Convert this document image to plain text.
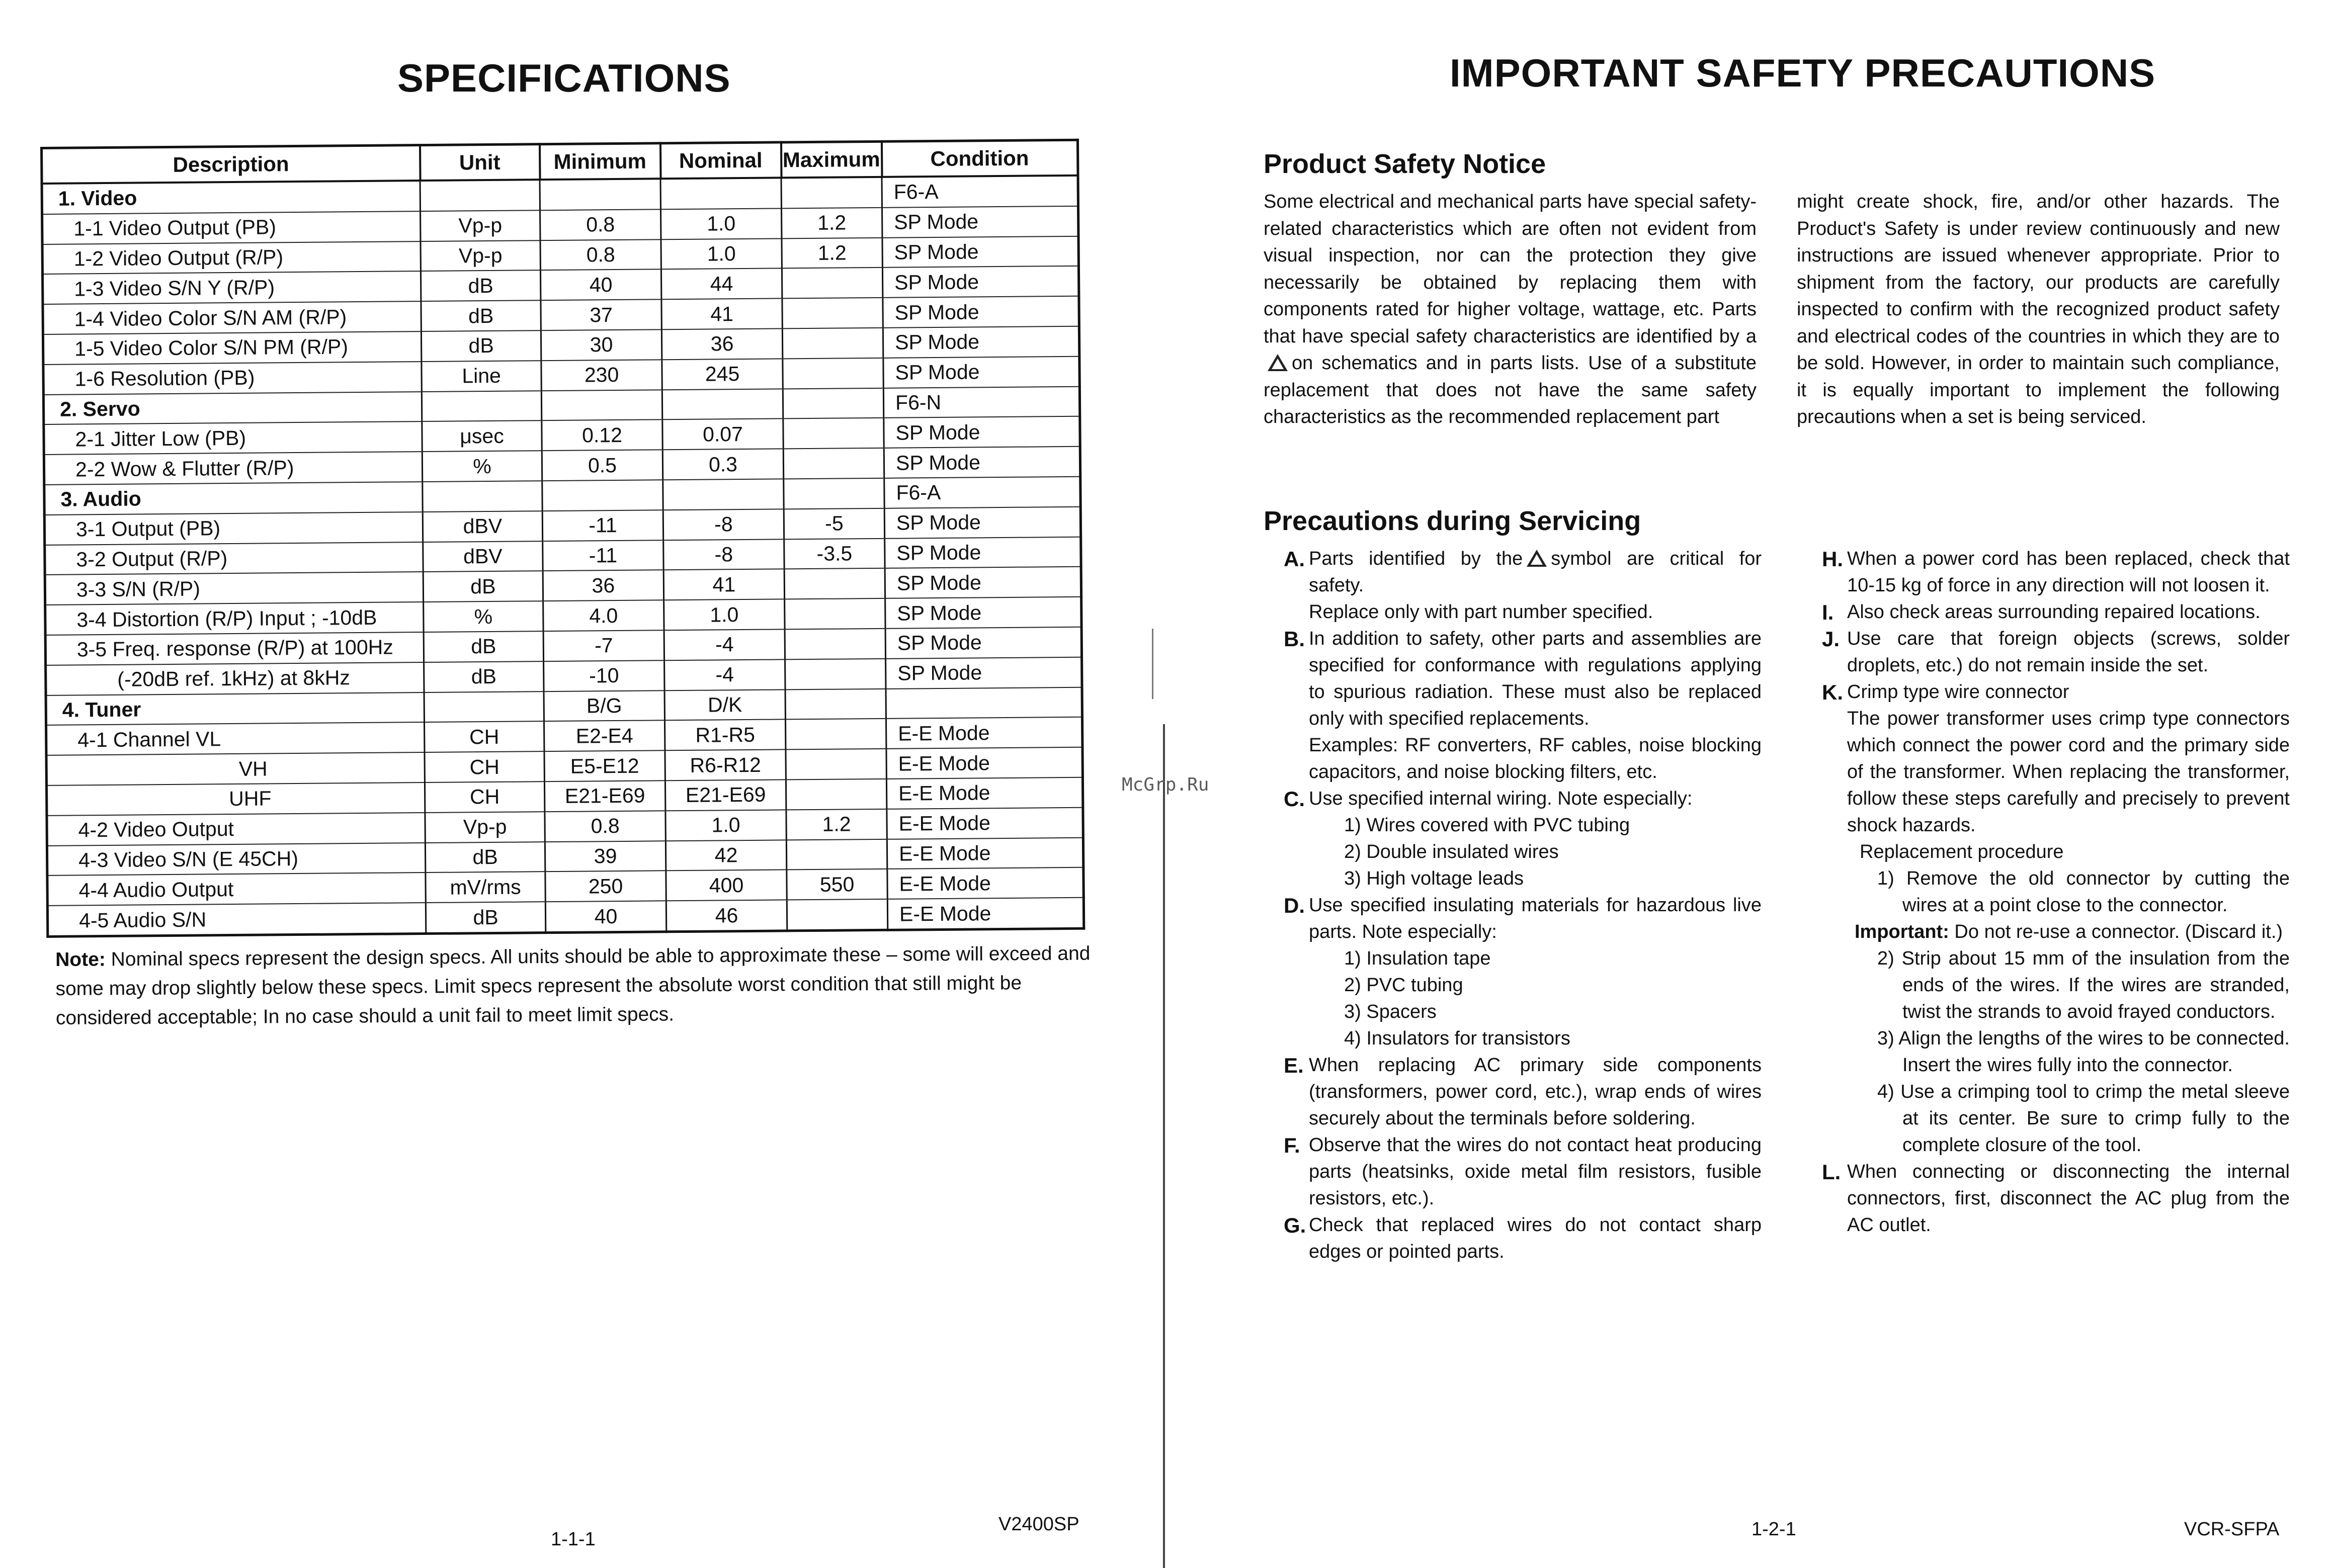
SPECIFICATIONS
Description	Unit	Minimum	Nominal	Maximum	Condition
1. Video					F6-A
1-1 Video Output (PB)	Vp-p	0.8	1.0	1.2	SP Mode
1-2 Video Output (R/P)	Vp-p	0.8	1.0	1.2	SP Mode
1-3 Video S/N Y (R/P)	dB	40	44		SP Mode
1-4 Video Color S/N AM (R/P)	dB	37	41		SP Mode
1-5 Video Color S/N PM (R/P)	dB	30	36		SP Mode
1-6 Resolution (PB)	Line	230	245		SP Mode
2. Servo					F6-N
2-1 Jitter Low (PB)	μsec	0.12	0.07		SP Mode
2-2 Wow & Flutter (R/P)	%	0.5	0.3		SP Mode
3. Audio					F6-A
3-1 Output (PB)	dBV	-11	-8	-5	SP Mode
3-2 Output (R/P)	dBV	-11	-8	-3.5	SP Mode
3-3 S/N (R/P)	dB	36	41		SP Mode
3-4 Distortion (R/P) Input ; -10dB	%	4.0	1.0		SP Mode
3-5 Freq. response (R/P) at 100Hz	dB	-7	-4		SP Mode
(-20dB ref. 1kHz) at 8kHz	dB	-10	-4		SP Mode
4. Tuner		B/G	D/K		
4-1 Channel VL	CH	E2-E4	R1-R5		E-E Mode
VH	CH	E5-E12	R6-R12		E-E Mode
UHF	CH	E21-E69	E21-E69		E-E Mode
4-2 Video Output	Vp-p	0.8	1.0	1.2	E-E Mode
4-3 Video S/N (E 45CH)	dB	39	42		E-E Mode
4-4 Audio Output	mV/rms	250	400	550	E-E Mode
4-5 Audio S/N	dB	40	46		E-E Mode
Note: Nominal specs represent the design specs. All units should be able to approximate these – some will exceed and some may drop slightly below these specs. Limit specs represent the absolute worst condition that still might be considered acceptable; In no case should a unit fail to meet limit specs.
1-1-1
V2400SP
McGrp.Ru
IMPORTANT SAFETY PRECAUTIONS
Product Safety Notice
Some electrical and mechanical parts have special safety-related characteristics which are often not evident from visual inspection, nor can the protection they give necessarily be obtained by replacing them with components rated for higher voltage, wattage, etc. Parts that have special safety characteristics are identified by aon schematics and in parts lists. Use of a substitute replacement that does not have the same safety characteristics as the recommended replacement part
might create shock, fire, and/or other hazards. The Product's Safety is under review continuously and new instructions are issued whenever appropriate. Prior to shipment from the factory, our products are carefully inspected to confirm with the recognized product safety and electrical codes of the countries in which they are to be sold. However, in order to maintain such compliance, it is equally important to implement the following precautions when a set is being serviced.
Precautions during Servicing
A. Parts identified by the symbol are critical for safety.
Replace only with part number specified.
B. In addition to safety, other parts and assemblies are specified for conformance with regulations applying to spurious radiation. These must also be replaced only with specified replacements.
Examples: RF converters, RF cables, noise blocking capacitors, and noise blocking filters, etc.
C. Use specified internal wiring. Note especially:
1) Wires covered with PVC tubing
2) Double insulated wires
3) High voltage leads
D. Use specified insulating materials for hazardous live parts. Note especially:
1) Insulation tape
2) PVC tubing
3) Spacers
4) Insulators for transistors
E. When replacing AC primary side components (transformers, power cord, etc.), wrap ends of wires securely about the terminals before soldering.
F. Observe that the wires do not contact heat producing parts (heatsinks, oxide metal film resistors, fusible resistors, etc.).
G. Check that replaced wires do not contact sharp edges or pointed parts.
H. When a power cord has been replaced, check that 10-15 kg of force in any direction will not loosen it.
I. Also check areas surrounding repaired locations.
J. Use care that foreign objects (screws, solder droplets, etc.) do not remain inside the set.
K. Crimp type wire connector
The power transformer uses crimp type connectors which connect the power cord and the primary side of the transformer. When replacing the transformer, follow these steps carefully and precisely to prevent shock hazards.
Replacement procedure
1) Remove the old connector by cutting the wires at a point close to the connector.
Important: Do not re-use a connector. (Discard it.)
2) Strip about 15 mm of the insulation from the ends of the wires. If the wires are stranded, twist the strands to avoid frayed conductors.
3) Align the lengths of the wires to be connected. Insert the wires fully into the connector.
4) Use a crimping tool to crimp the metal sleeve at its center. Be sure to crimp fully to the complete closure of the tool.
L. When connecting or disconnecting the internal connectors, first, disconnect the AC plug from the AC outlet.
1-2-1	VCR-SFPA
